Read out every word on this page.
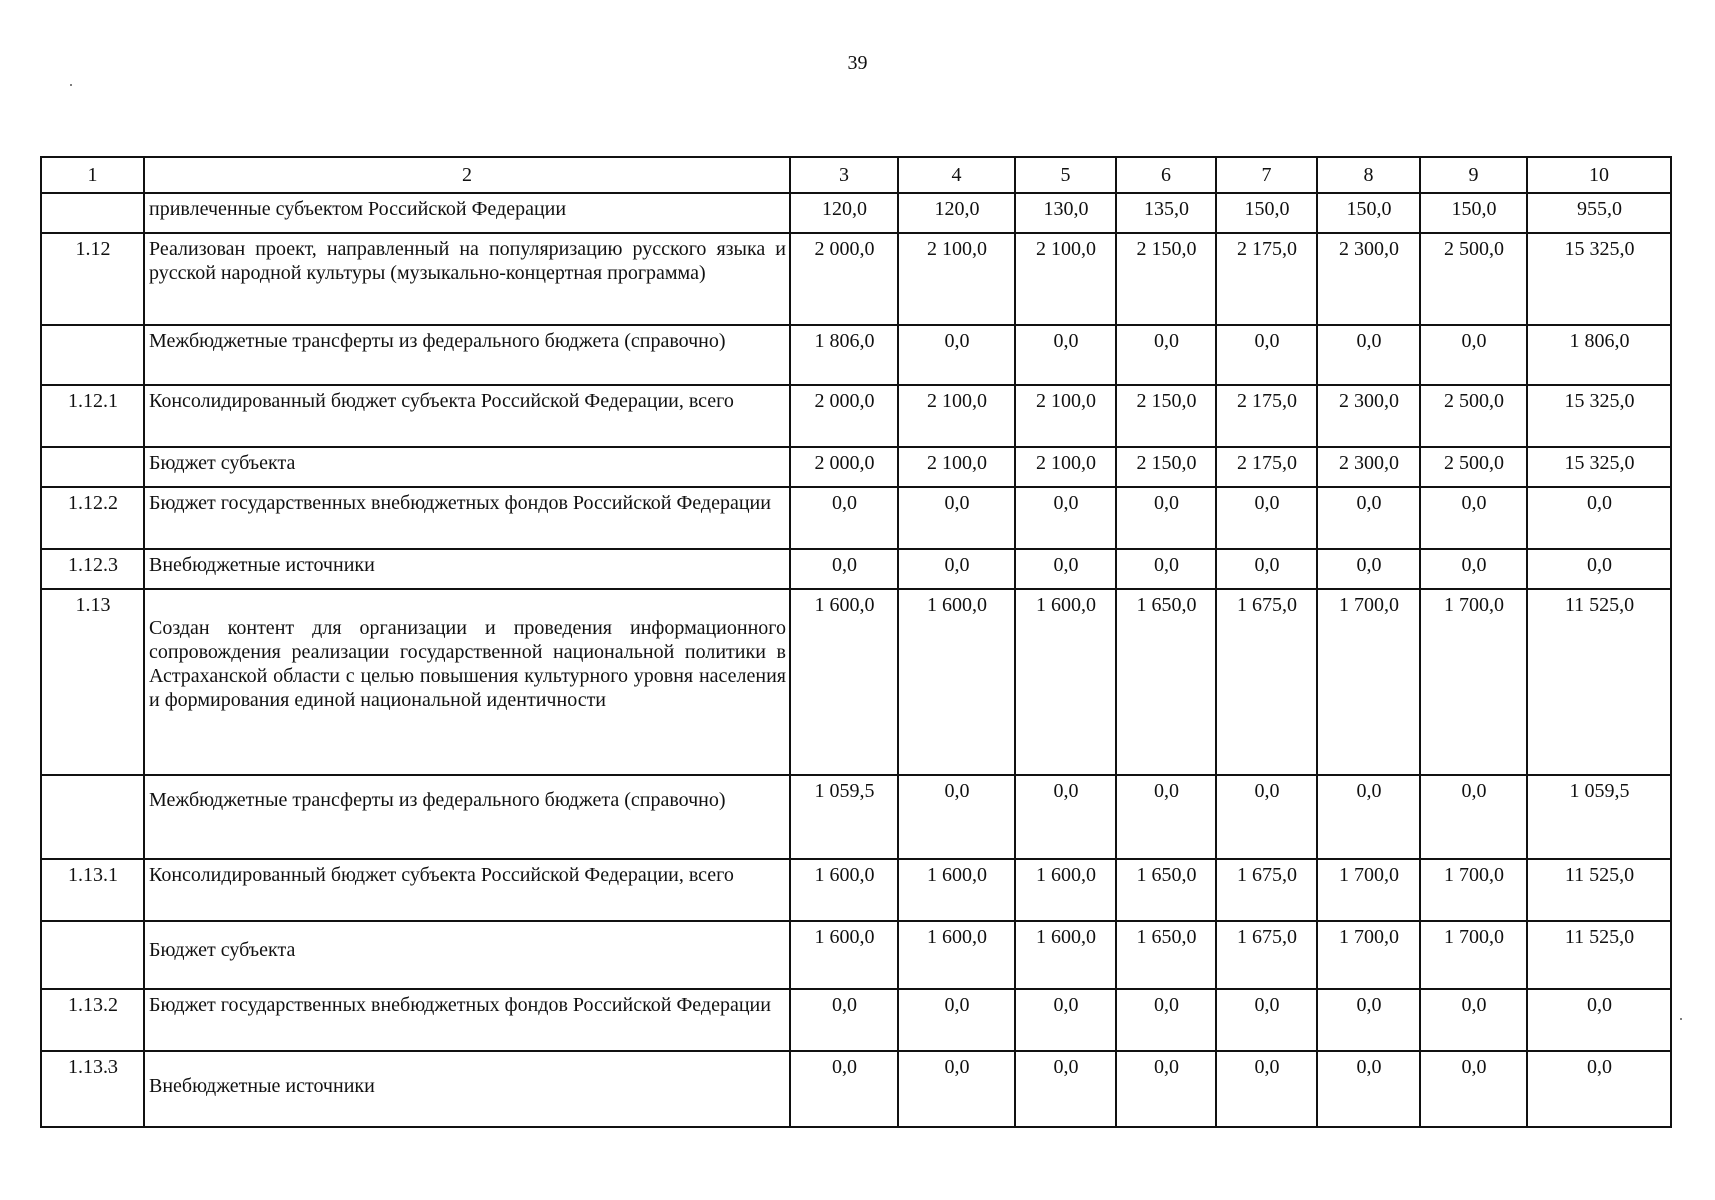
39
1	2	3	4	5	6	7	8	9	10
	привлеченные субъектом Российской Федерации	120,0	120,0	130,0	135,0	150,0	150,0	150,0	955,0
1.12	Реализован проект, направленный на популяризацию русского языка и русской народной культуры (музыкально-концертная программа)	2 000,0	2 100,0	2 100,0	2 150,0	2 175,0	2 300,0	2 500,0	15 325,0
	Межбюджетные трансферты из федерального бюджета (справочно)	1 806,0	0,0	0,0	0,0	0,0	0,0	0,0	1 806,0
1.12.1	Консолидированный бюджет субъекта Российской Федерации, всего	2 000,0	2 100,0	2 100,0	2 150,0	2 175,0	2 300,0	2 500,0	15 325,0
	Бюджет субъекта	2 000,0	2 100,0	2 100,0	2 150,0	2 175,0	2 300,0	2 500,0	15 325,0
1.12.2	Бюджет государственных внебюджетных фондов Российской Федерации	0,0	0,0	0,0	0,0	0,0	0,0	0,0	0,0
1.12.3	Внебюджетные источники	0,0	0,0	0,0	0,0	0,0	0,0	0,0	0,0
1.13	Создан контент для организации и проведения информационного сопровождения реализации государственной национальной политики в Астраханской области с целью повышения культурного уровня населения и формирования единой национальной идентичности	1 600,0	1 600,0	1 600,0	1 650,0	1 675,0	1 700,0	1 700,0	11 525,0
	Межбюджетные трансферты из федерального бюджета (справочно)	1 059,5	0,0	0,0	0,0	0,0	0,0	0,0	1 059,5
1.13.1	Консолидированный бюджет субъекта Российской Федерации, всего	1 600,0	1 600,0	1 600,0	1 650,0	1 675,0	1 700,0	1 700,0	11 525,0
	Бюджет субъекта	1 600,0	1 600,0	1 600,0	1 650,0	1 675,0	1 700,0	1 700,0	11 525,0
1.13.2	Бюджет государственных внебюджетных фондов Российской Федерации	0,0	0,0	0,0	0,0	0,0	0,0	0,0	0,0
1.13.3	Внебюджетные источники	0,0	0,0	0,0	0,0	0,0	0,0	0,0	0,0
